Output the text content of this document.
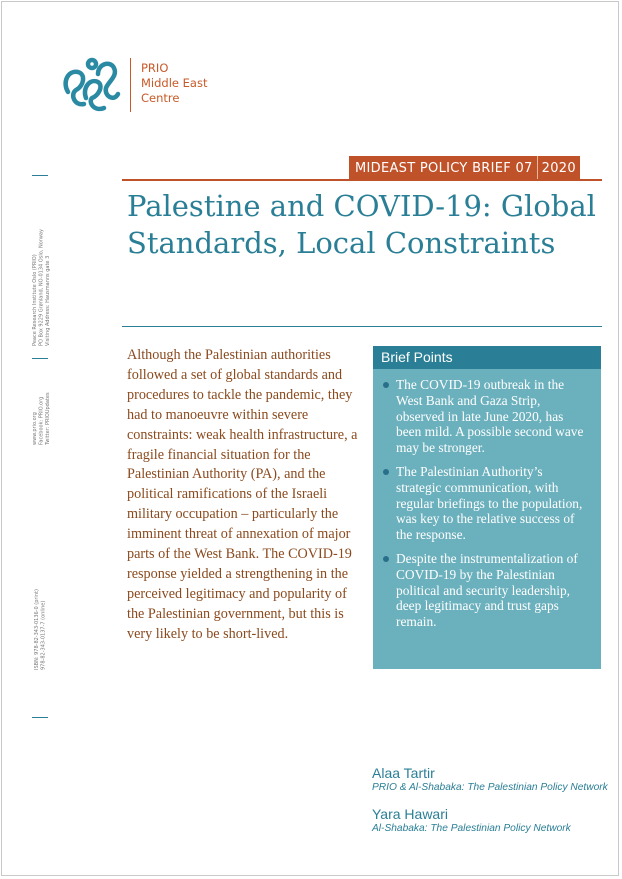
Peace Research Institute Oslo (PRIO) PO Box 9229 Grønland, NO-0134 Oslo, Norway Visiting Address: Hausmanns gate 3
www.prio.org Facebook: PRIO.org Twitter: PRIOUpdates
ISBN: 978-82-343-0136-0 (print) 978-82-343-0137-7 (online)
PRIO
Middle East
Centre
MIDEAST POLICY BRIEF
07 2020
Palestine and COVID-19: Global
Standards, Local Constraints

Although the Palestinian authorities followed a set of global standards and procedures to tackle the pandemic, they had to manoeuvre within severe constraints: weak health infrastructure, a fragile financial situation for the Palestinian Authority (PA), and the political ramifications of the Israeli military occupation – particularly the imminent threat of annexation of major parts of the West Bank. The COVID-19 response yielded a strengthening in the perceived legitimacy and popularity of the Palestinian government, but this is very likely to be short-lived.

Brief Points
The COVID-19 outbreak in the West Bank and Gaza Strip, observed in late June 2020, has been mild. A possible second wave may be stronger.
The Palestinian Authority’s strategic communication, with regular briefings to the population, was key to the relative success of the response.
Despite the instrumentalization of COVID-19 by the Palestinian political and security leadership, deep legitimacy and trust gaps remain.
Alaa Tartir
PRIO & Al-Shabaka: The Palestinian Policy Network
Yara Hawari
Al-Shabaka: The Palestinian Policy Network
